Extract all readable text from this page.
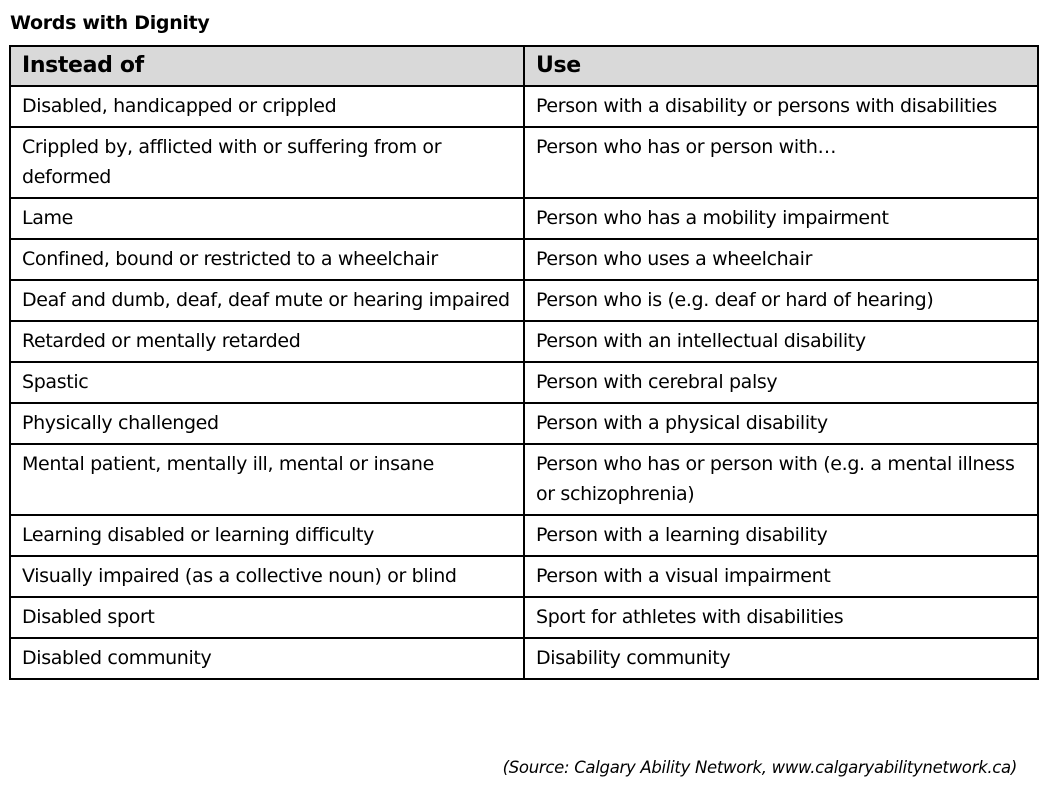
Words with Dignity
Instead of	Use
Disabled, handicapped or crippled	Person with a disability or persons with disabilities
Crippled by, afflicted with or suffering from or deformed	Person who has or person with…
Lame	Person who has a mobility impairment
Confined, bound or restricted to a wheelchair	Person who uses a wheelchair
Deaf and dumb, deaf, deaf mute or hearing impaired	Person who is (e.g. deaf or hard of hearing)
Retarded or mentally retarded	Person with an intellectual disability
Spastic	Person with cerebral palsy
Physically challenged	Person with a physical disability
Mental patient, mentally ill, mental or insane	Person who has or person with (e.g. a mental illness or schizophrenia)
Learning disabled or learning difficulty	Person with a learning disability
Visually impaired (as a collective noun) or blind	Person with a visual impairment
Disabled sport	Sport for athletes with disabilities
Disabled community	Disability community

(Source: Calgary Ability Network, www.calgaryabilitynetwork.ca)
